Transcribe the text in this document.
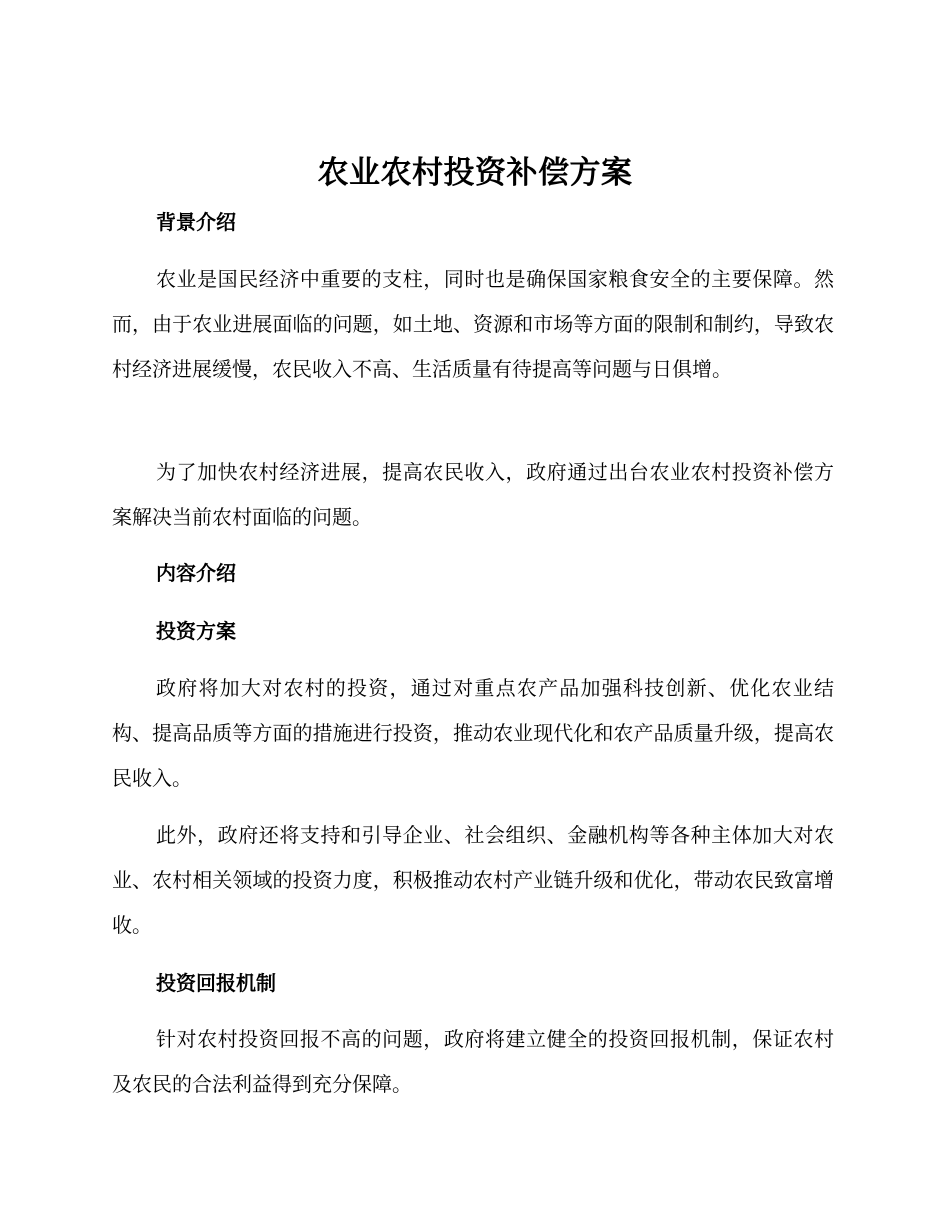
农业农村投资补偿方案
背景介绍

农业是国民经济中重要的支柱，同时也是确保国家粮食安全的主要保障。然而，由于农业进展面临的问题，如土地、资源和市场等方面的限制和制约，导致农村经济进展缓慢，农民收入不高、生活质量有待提高等问题与日俱增。

为了加快农村经济进展，提高农民收入，政府通过出台农业农村投资补偿方案解决当前农村面临的问题。

内容介绍
投资方案

政府将加大对农村的投资，通过对重点农产品加强科技创新、优化农业结构、提高品质等方面的措施进行投资，推动农业现代化和农产品质量升级，提高农民收入。

此外，政府还将支持和引导企业、社会组织、金融机构等各种主体加大对农业、农村相关领域的投资力度，积极推动农村产业链升级和优化，带动农民致富增收。

投资回报机制

针对农村投资回报不高的问题，政府将建立健全的投资回报机制，保证农村及农民的合法利益得到充分保障。
